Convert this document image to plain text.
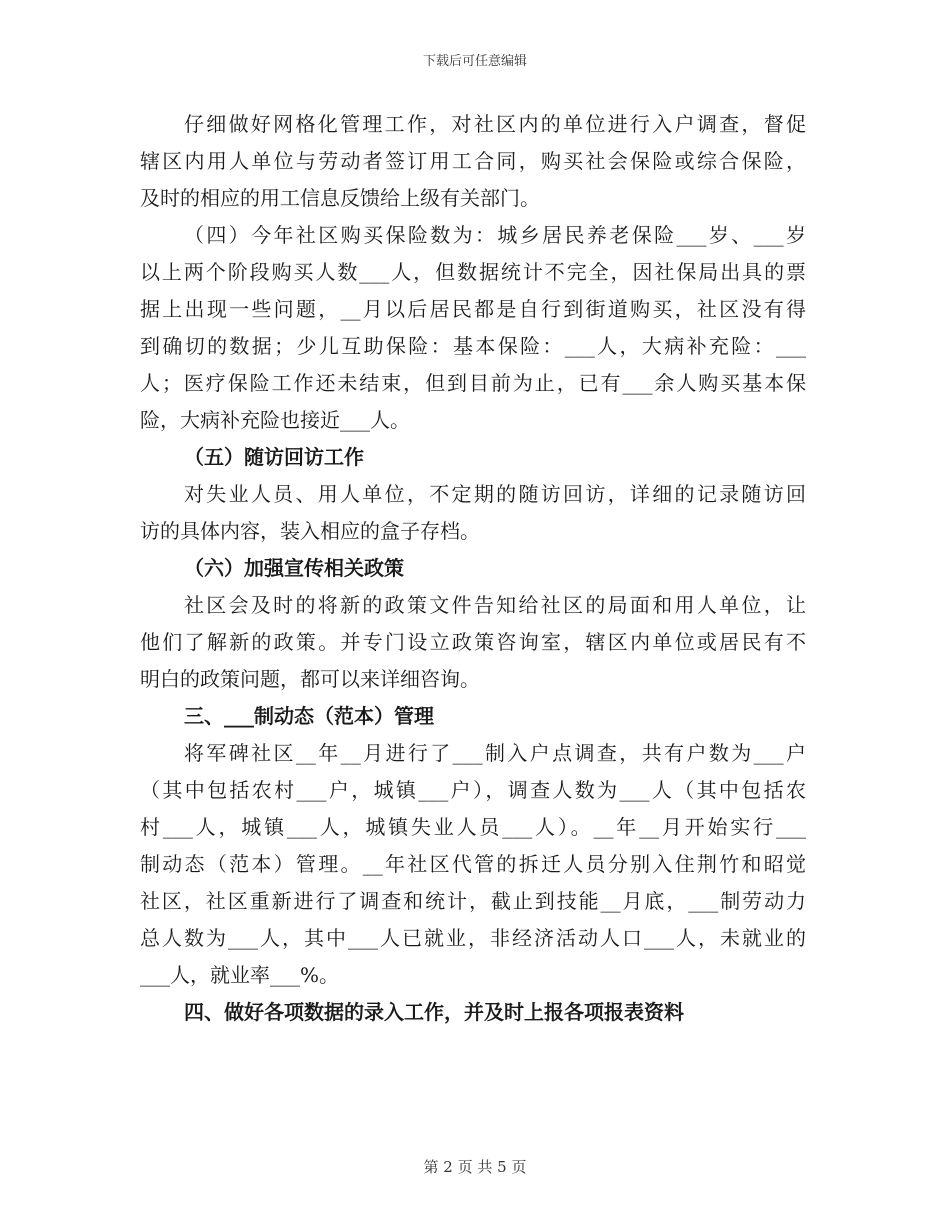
下载后可任意编辑
仔细做好网格化管理工作，对社区内的单位进行入户调查，督促
辖区内用人单位与劳动者签订用工合同，购买社会保险或综合保险，
及时的相应的用工信息反馈给上级有关部门。
（四）今年社区购买保险数为：城乡居民养老保险___岁、___岁
以上两个阶段购买人数___人，但数据统计不完全，因社保局出具的票
据上出现一些问题，__月以后居民都是自行到街道购买，社区没有得
到确切的数据；少儿互助保险：基本保险：___人，大病补充险：___
人；医疗保险工作还未结束，但到目前为止，已有___余人购买基本保
险，大病补充险也接近___人。
（五）随访回访工作
对失业人员、用人单位，不定期的随访回访，详细的记录随访回
访的具体内容，装入相应的盒子存档。
（六）加强宣传相关政策
社区会及时的将新的政策文件告知给社区的局面和用人单位，让
他们了解新的政策。并专门设立政策咨询室，辖区内单位或居民有不
明白的政策问题，都可以来详细咨询。
三、___制动态（范本）管理
将军碑社区__年__月进行了___制入户点调查，共有户数为___户
（其中包括农村___户，城镇___户），调查人数为___人（其中包括农
村___人，城镇___人，城镇失业人员___人）。__年__月开始实行___
制动态（范本）管理。__年社区代管的拆迁人员分别入住荆竹和昭觉
社区，社区重新进行了调查和统计，截止到技能__月底，___制劳动力
总人数为___人，其中___人已就业，非经济活动人口___人，未就业的
___人，就业率___%。
四、做好各项数据的录入工作，并及时上报各项报表资料
第 2 页 共 5 页
